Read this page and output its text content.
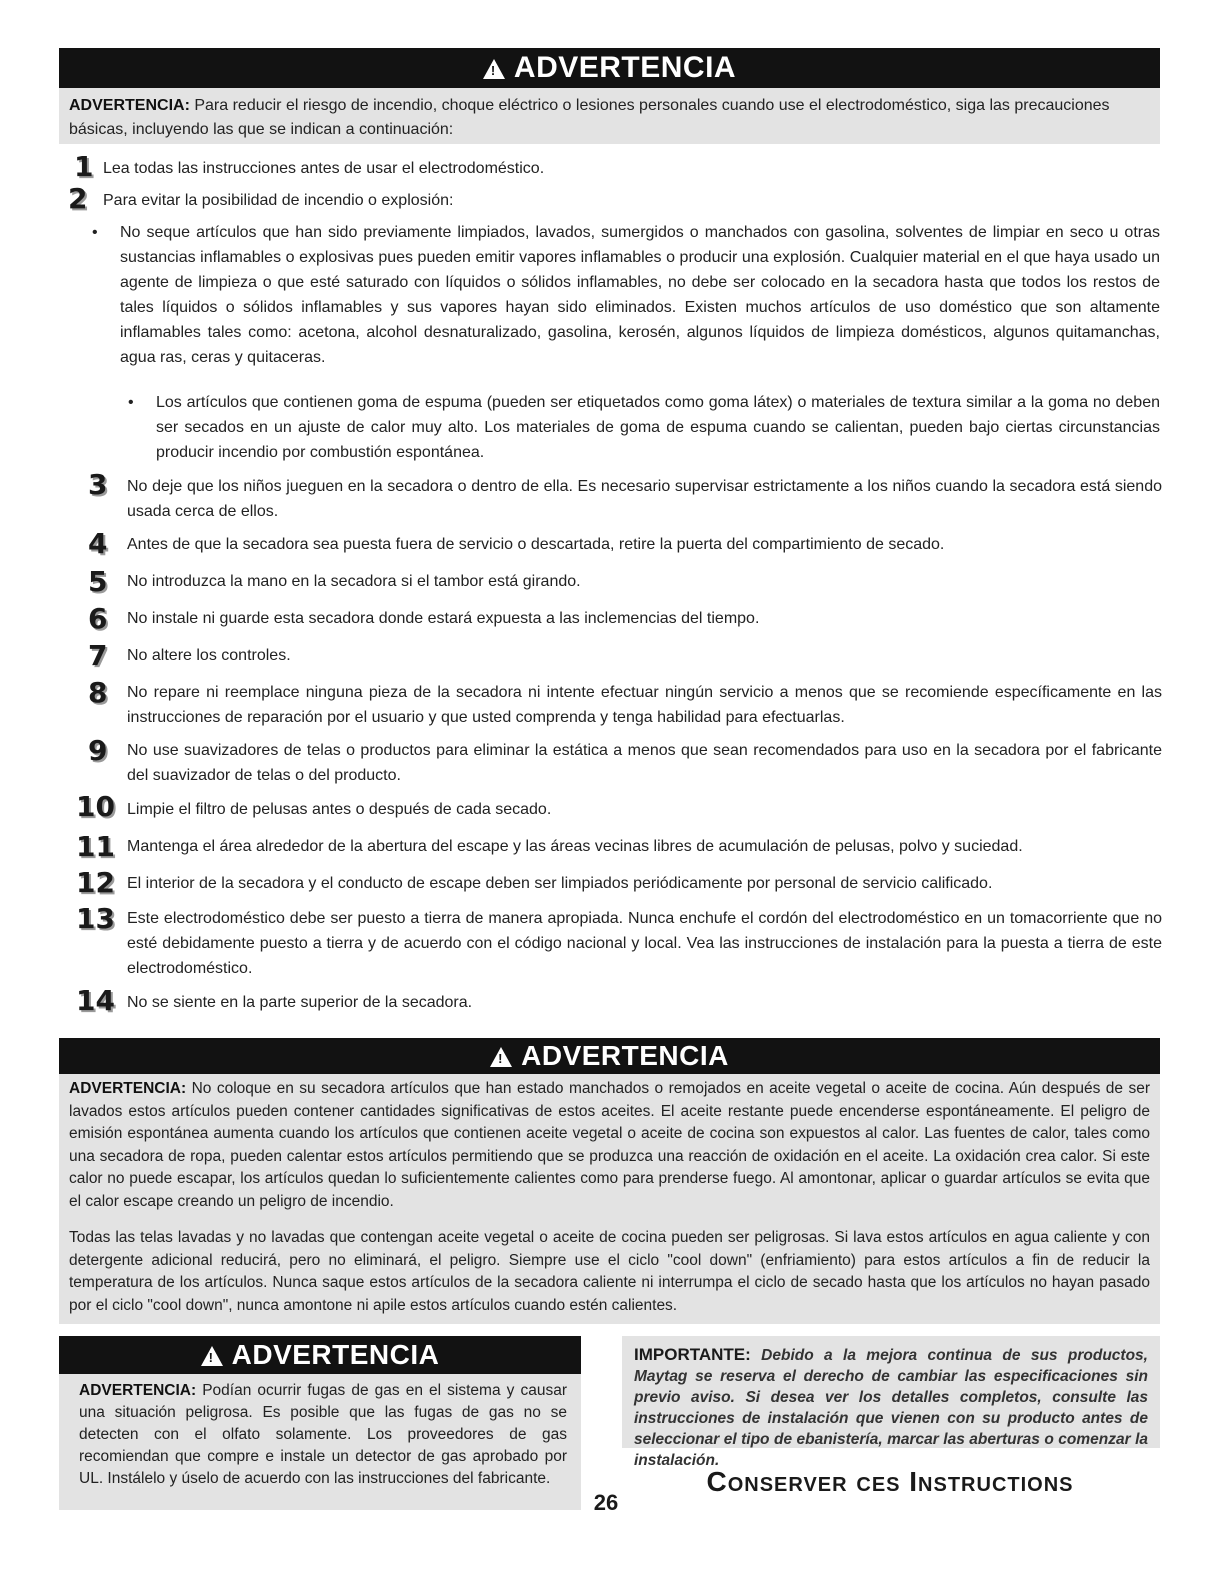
!ADVERTENCIA
ADVERTENCIA: Para reducir el riesgo de incendio, choque eléctrico o lesiones personales cuando use el electrodoméstico, siga las precauciones básicas, incluyendo las que se indican a continuación:
1 Lea todas las instrucciones antes de usar el electrodoméstico.
2 Para evitar la posibilidad de incendio o explosión:
• No seque artículos que han sido previamente limpiados, lavados, sumergidos o manchados con gasolina, solventes de limpiar en seco u otras sustancias inflamables o explosivas pues pueden emitir vapores inflamables o producir una explosión. Cualquier material en el que haya usado un agente de limpieza o que esté saturado con líquidos o sólidos inflamables, no debe ser colocado en la secadora hasta que todos los restos de tales líquidos o sólidos inflamables y sus vapores hayan sido eliminados. Existen muchos artículos de uso doméstico que son altamente inflamables tales como: acetona, alcohol desnaturalizado, gasolina, kerosén, algunos líquidos de limpieza domésticos, algunos quitamanchas, agua ras, ceras y quitaceras.
• Los artículos que contienen goma de espuma (pueden ser etiquetados como goma látex) o materiales de textura similar a la goma no deben ser secados en un ajuste de calor muy alto. Los materiales de goma de espuma cuando se calientan, pueden bajo ciertas circunstancias producir incendio por combustión espontánea.
3	No deje que los niños jueguen en la secadora o dentro de ella. Es necesario supervisar estrictamente a los niños cuando la secadora está siendo usada cerca de ellos.
4	Antes de que la secadora sea puesta fuera de servicio o descartada, retire la puerta del compartimiento de secado.
5	No introduzca la mano en la secadora si el tambor está girando.
6	No instale ni guarde esta secadora donde estará expuesta a las inclemencias del tiempo.
7	No altere los controles.
8	No repare ni reemplace ninguna pieza de la secadora ni intente efectuar ningún servicio a menos que se recomiende específicamente en las instrucciones de reparación por el usuario y que usted comprenda y tenga habilidad para efectuarlas.
9	No use suavizadores de telas o productos para eliminar la estática a menos que sean recomendados para uso en la secadora por el fabricante del suavizador de telas o del producto.
10 Limpie el filtro de pelusas antes o después de cada secado.
11 Mantenga el área alrededor de la abertura del escape y las áreas vecinas libres de acumulación de pelusas, polvo y suciedad.
12 El interior de la secadora y el conducto de escape deben ser limpiados periódicamente por personal de servicio calificado.
13 Este electrodoméstico debe ser puesto a tierra de manera apropiada. Nunca enchufe el cordón del electrodoméstico en un tomacorriente que no esté debidamente puesto a tierra y de acuerdo con el código nacional y local. Vea las instrucciones de instalación para la puesta a tierra de este electrodoméstico.
14 No se siente en la parte superior de la secadora.
!ADVERTENCIA

ADVERTENCIA: No coloque en su secadora artículos que han estado manchados o remojados en aceite vegetal o aceite de cocina. Aún después de ser lavados estos artículos pueden contener cantidades significativas de estos aceites. El aceite restante puede encenderse espontáneamente. El peligro de emisión espontánea aumenta cuando los artículos que contienen aceite vegetal o aceite de cocina son expuestos al calor. Las fuentes de calor, tales como una secadora de ropa, pueden calentar estos artículos permitiendo que se produzca una reacción de oxidación en el aceite. La oxidación crea calor. Si este calor no puede escapar, los artículos quedan lo suficientemente calientes como para prenderse fuego. Al amontonar, aplicar o guardar artículos se evita que el calor escape creando un peligro de incendio.

Todas las telas lavadas y no lavadas que contengan aceite vegetal o aceite de cocina pueden ser peligrosas. Si lava estos artículos en agua caliente y con detergente adicional reducirá, pero no eliminará, el peligro. Siempre use el ciclo "cool down" (enfriamiento) para estos artículos a fin de reducir la temperatura de los artículos. Nunca saque estos artículos de la secadora caliente ni interrumpa el ciclo de secado hasta que los artículos no hayan pasado por el ciclo "cool down", nunca amontone ni apile estos artículos cuando estén calientes.

!ADVERTENCIA
ADVERTENCIA: Podían ocurrir fugas de gas en el sistema y causar una situación peligrosa. Es posible que las fugas de gas no se detecten con el olfato solamente. Los proveedores de gas recomiendan que compre e instale un detector de gas aprobado por UL. Instálelo y úselo de acuerdo con las instrucciones del fabricante.
IMPORTANTE: Debido a la mejora continua de sus productos, Maytag se reserva el derecho de cambiar las especificaciones sin previo aviso. Si desea ver los detalles completos, consulte las instrucciones de instalación que vienen con su producto antes de seleccionar el tipo de ebanistería, marcar las aberturas o comenzar la instalación.
26
Conserver ces Instructions
